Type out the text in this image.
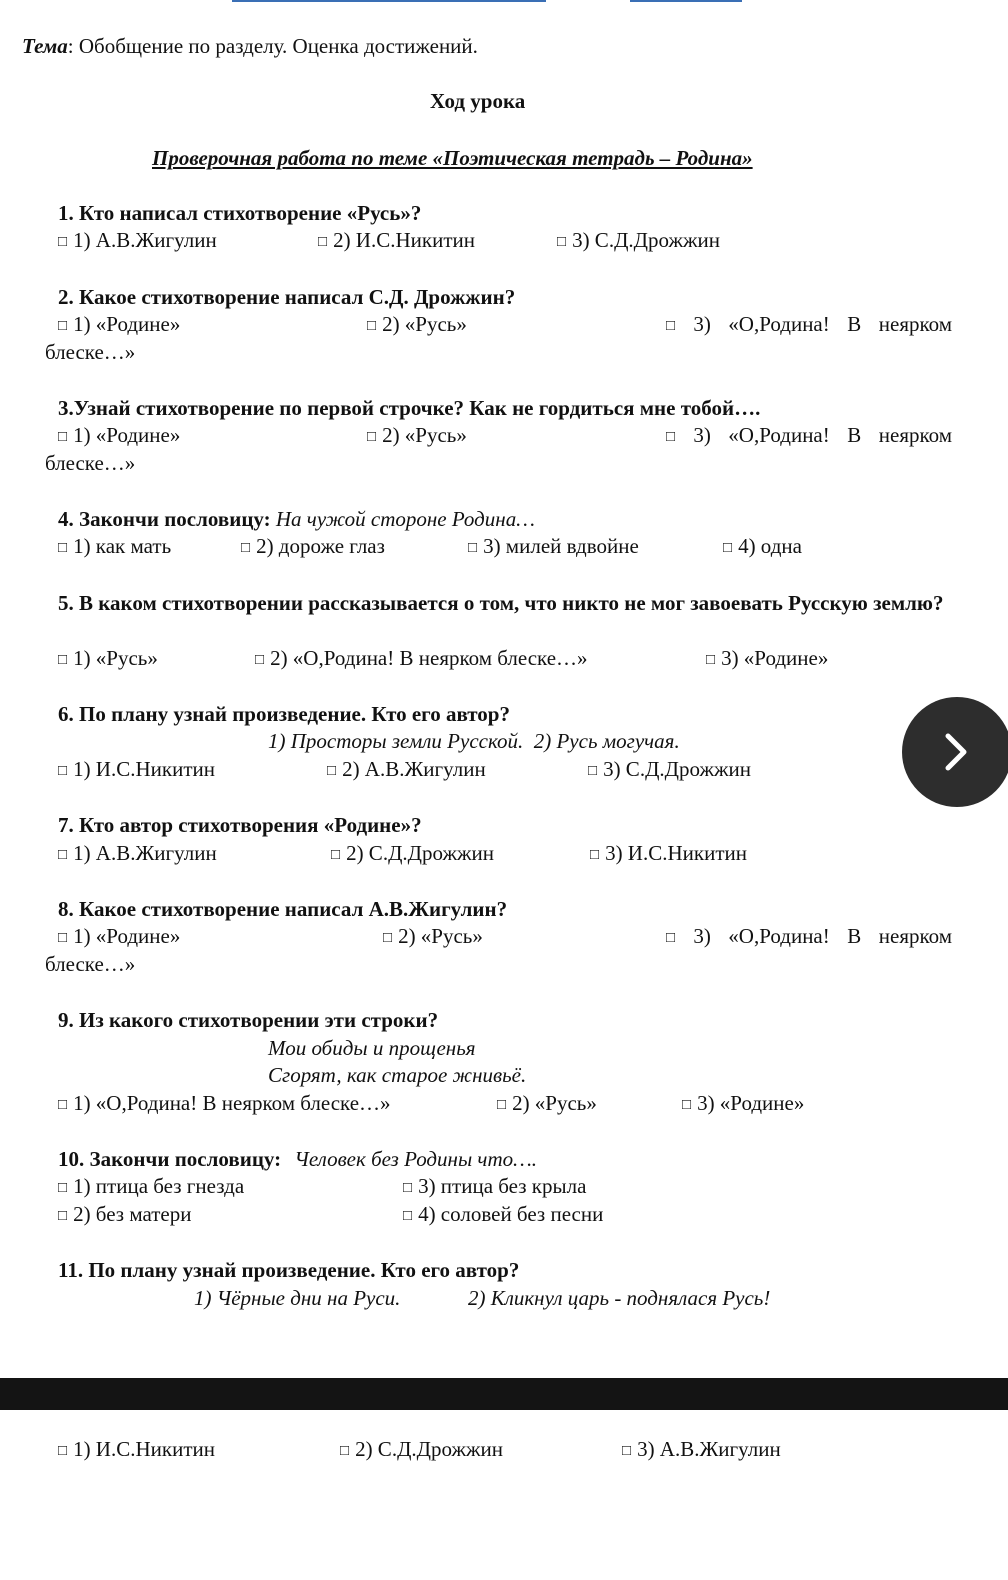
Тема: Обобщение по разделу. Оценка достижений.
Ход урока
Проверочная работа по теме «Поэтическая тетрадь – Родина»
1. Кто написал стихотворение «Русь»?
□ 1) А.В.Жигулин	□ 2) И.С.Никитин	□ 3) С.Д.Дрожжин
2. Какое стихотворение написал С.Д. Дрожжин?
□ 1) «Родине»	□ 2) «Русь»	□ 3) «О,Родина! В неярком
блеске…»
3.Узнай стихотворение по первой строчке? Как не гордиться мне тобой….
□ 1) «Родине»	□ 2) «Русь»	□ 3) «О,Родина! В неярком
блеске…»
4. Закончи пословицу: На чужой стороне Родина…
□ 1) как мать	□ 2) дороже глаз	□ 3) милей вдвойне	□ 4) одна
5. В каком стихотворении рассказывается о том, что никто не мог завоевать Русскую землю?
□ 1) «Русь»	□ 2) «О,Родина! В неярком блеске…»	□ 3) «Родине»
6. По плану узнай произведение. Кто его автор?
1) Просторы земли Русской.  2) Русь могучая.
□ 1) И.С.Никитин	□ 2) А.В.Жигулин	□ 3) С.Д.Дрожжин
7. Кто автор стихотворения «Родине»?
□ 1) А.В.Жигулин	□ 2) С.Д.Дрожжин	□ 3) И.С.Никитин
8. Какое стихотворение написал А.В.Жигулин?
□ 1) «Родине»	□ 2) «Русь»	□ 3) «О,Родина! В неярком
блеске…»
9. Из какого стихотворении эти строки?
Мои обиды и прощенья
Сгорят, как старое жнивьё.
□ 1) «О,Родина! В неярком блеске…»	□ 2) «Русь»	□ 3) «Родине»
10. Закончи пословицу: Человек без Родины что….
□ 1) птица без гнезда	□ 3) птица без крыла
□ 2) без матери	□ 4) соловей без песни
11. По плану узнай произведение. Кто его автор?
1) Чёрные дни на Руси.	2) Кликнул царь - поднялася Русь!
□ 1) И.С.Никитин	□ 2) С.Д.Дрожжин	□ 3) А.В.Жигулин
